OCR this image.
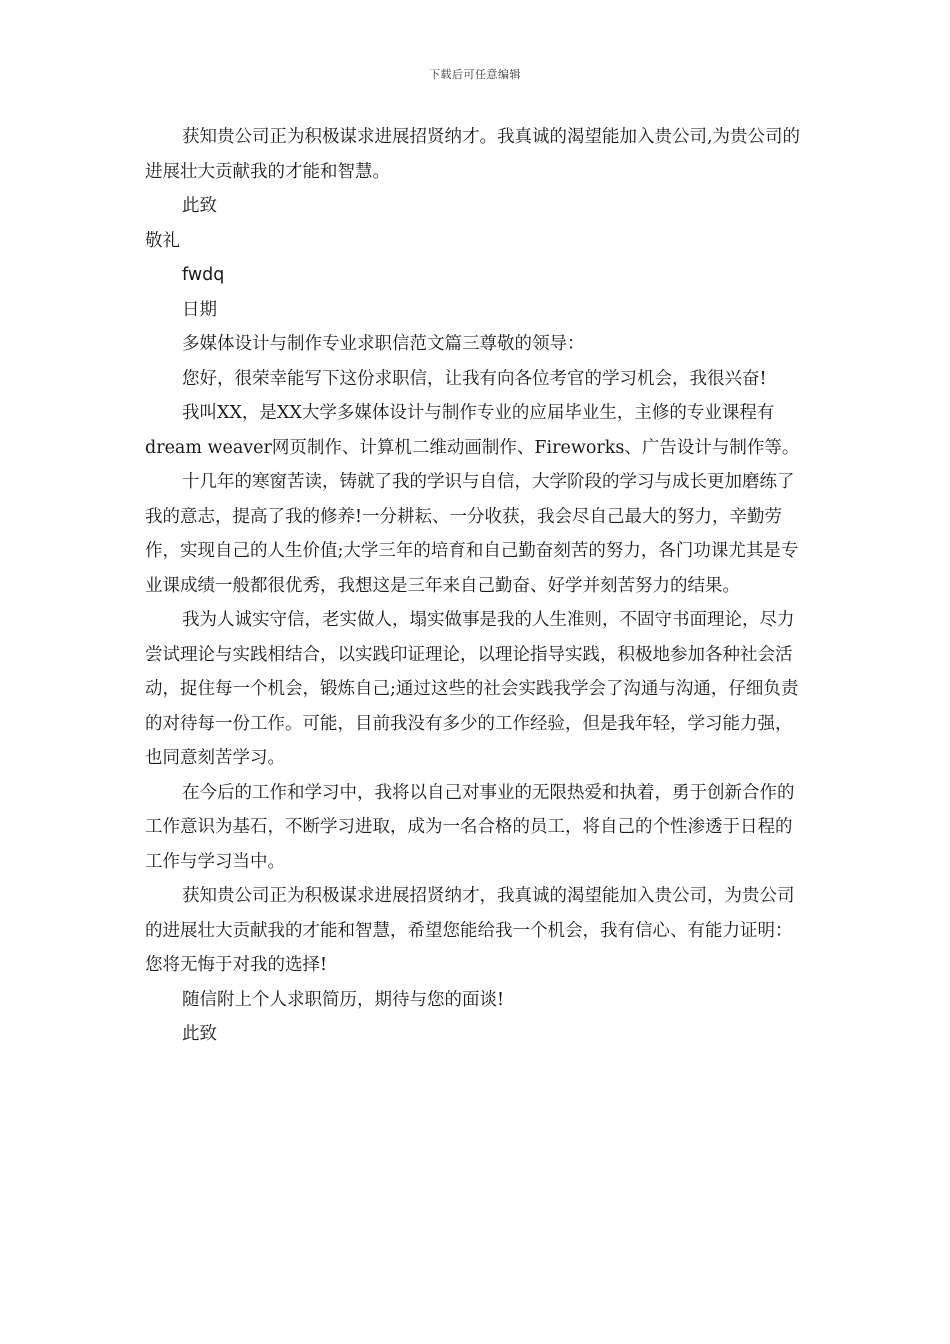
下载后可任意编辑

获知贵公司正为积极谋求进展招贤纳才。我真诚的渴望能加入贵公司,为贵公司的进展壮大贡献我的才能和智慧。

此致

敬礼

fwdq

日期

多媒体设计与制作专业求职信范文篇三尊敬的领导：

您好，很荣幸能写下这份求职信，让我有向各位考官的学习机会，我很兴奋!

我叫XX，是XX大学多媒体设计与制作专业的应届毕业生，主修的专业课程有dream weaver网页制作、计算机二维动画制作、Fireworks、广告设计与制作等。

十几年的寒窗苦读，铸就了我的学识与自信，大学阶段的学习与成长更加磨练了我的意志，提高了我的修养!一分耕耘、一分收获，我会尽自己最大的努力，辛勤劳作，实现自己的人生价值;大学三年的培育和自己勤奋刻苦的努力，各门功课尤其是专业课成绩一般都很优秀，我想这是三年来自己勤奋、好学并刻苦努力的结果。

我为人诚实守信，老实做人，塌实做事是我的人生准则，不固守书面理论，尽力尝试理论与实践相结合，以实践印证理论，以理论指导实践，积极地参加各种社会活动，捉住每一个机会，锻炼自己;通过这些的社会实践我学会了沟通与沟通，仔细负责的对待每一份工作。可能，目前我没有多少的工作经验，但是我年轻，学习能力强，也同意刻苦学习。

在今后的工作和学习中，我将以自己对事业的无限热爱和执着，勇于创新合作的工作意识为基石，不断学习进取，成为一名合格的员工，将自己的个性渗透于日程的工作与学习当中。

获知贵公司正为积极谋求进展招贤纳才，我真诚的渴望能加入贵公司，为贵公司的进展壮大贡献我的才能和智慧，希望您能给我一个机会，我有信心、有能力证明：您将无悔于对我的选择!

随信附上个人求职简历，期待与您的面谈!

此致
